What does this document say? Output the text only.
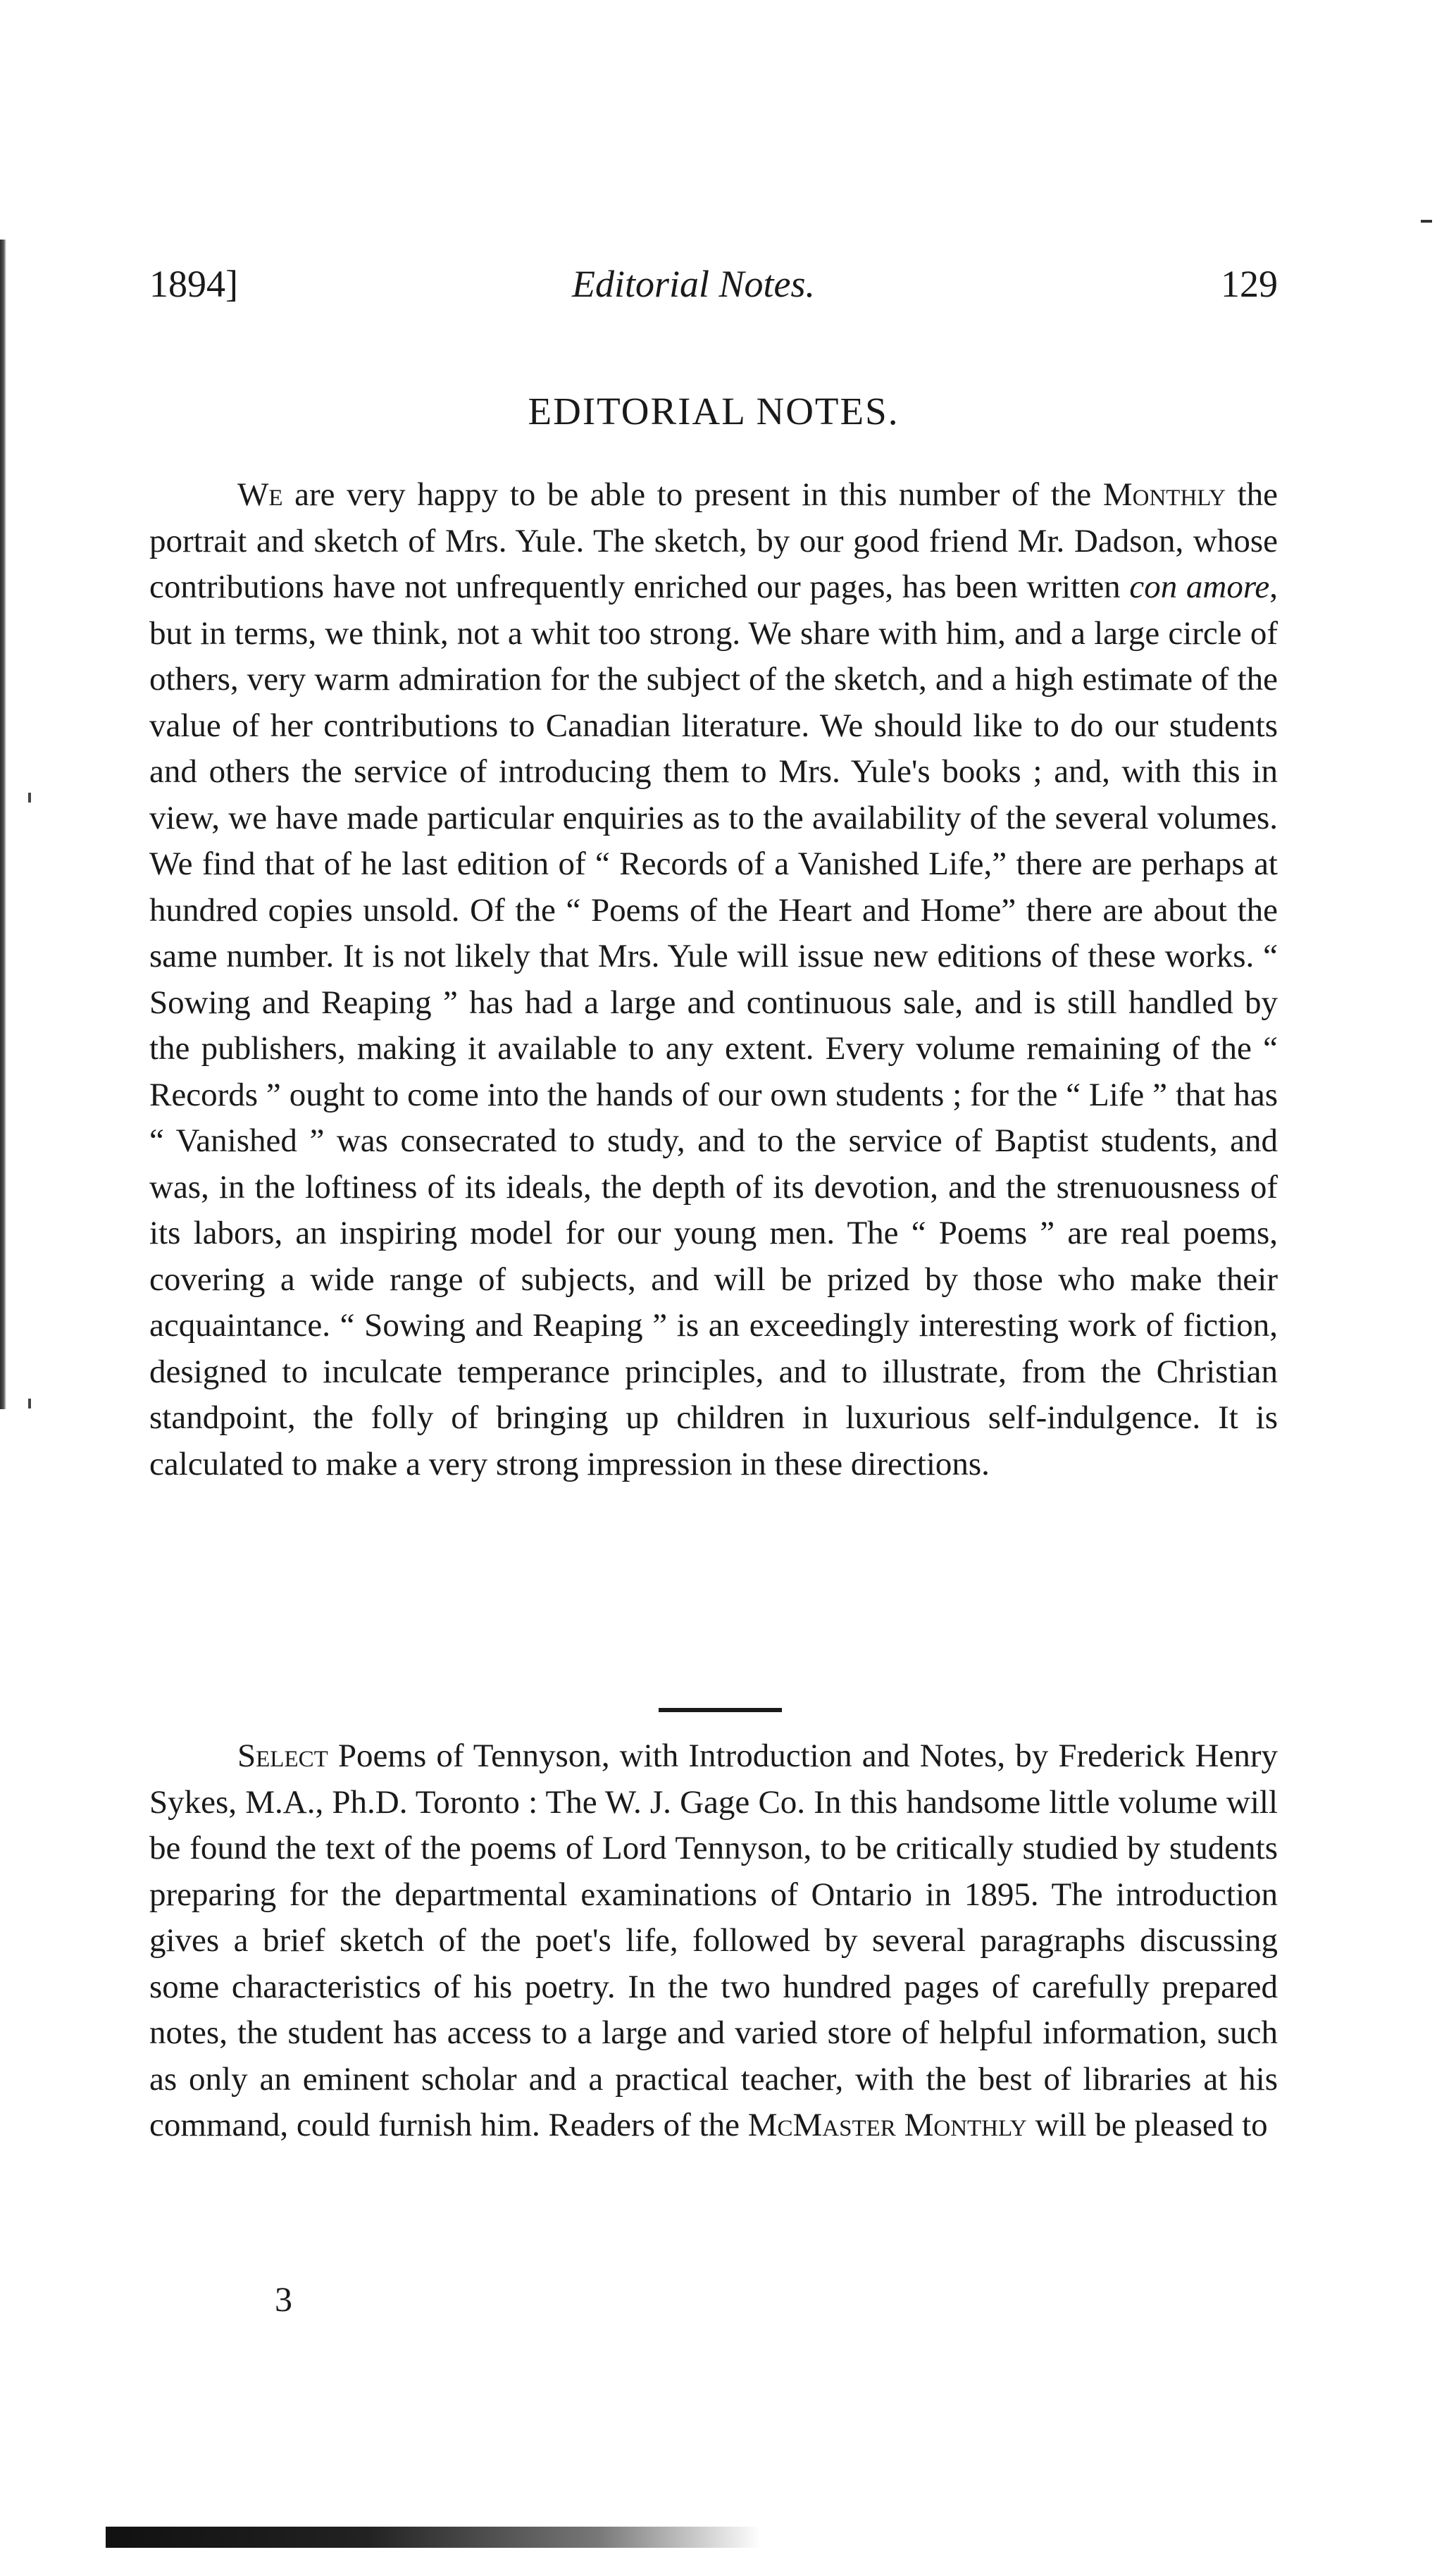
1894]	Editorial Notes.	129
EDITORIAL NOTES.

We are very happy to be able to present in this number of the Monthly the portrait and sketch of Mrs. Yule. The sketch, by our good friend Mr. Dadson, whose contributions have not unfrequently enriched our pages, has been written con amore, but in terms, we think, not a whit too strong. We share with him, and a large circle of others, very warm admiration for the subject of the sketch, and a high estimate of the value of her contributions to Canadian literature. We should like to do our students and others the service of introducing them to Mrs. Yule's books ; and, with this in view, we have made particular enquiries as to the availability of the several volumes. We find that of he last edition of “ Records of a Vanished Life,” there are perhaps at hundred copies unsold. Of the “ Poems of the Heart and Home” there are about the same number. It is not likely that Mrs. Yule will issue new editions of these works. “ Sowing and Reaping ” has had a large and continuous sale, and is still handled by the publishers, making it available to any extent. Every volume remaining of the “ Records ” ought to come into the hands of our own students ; for the “ Life ” that has “ Vanished ” was consecrated to study, and to the service of Baptist students, and was, in the loftiness of its ideals, the depth of its devotion, and the strenuousness of its labors, an inspiring model for our young men. The “ Poems ” are real poems, covering a wide range of subjects, and will be prized by those who make their acquaintance. “ Sowing and Reaping ” is an exceedingly interesting work of fiction, designed to inculcate temperance principles, and to illustrate, from the Christian standpoint, the folly of bringing up children in luxurious self-indulgence. It is calculated to make a very strong impression in these directions.

Select Poems of Tennyson, with Introduction and Notes, by Frederick Henry Sykes, M.A., Ph.D. Toronto : The W. J. Gage Co. In this handsome little volume will be found the text of the poems of Lord Tennyson, to be critically studied by students preparing for the departmental examinations of Ontario in 1895. The introduction gives a brief sketch of the poet's life, followed by several paragraphs discussing some characteristics of his poetry. In the two hundred pages of carefully prepared notes, the student has access to a large and varied store of helpful information, such as only an eminent scholar and a practical teacher, with the best of libraries at his command, could furnish him. Readers of the McMaster Monthly will be pleased to

3
